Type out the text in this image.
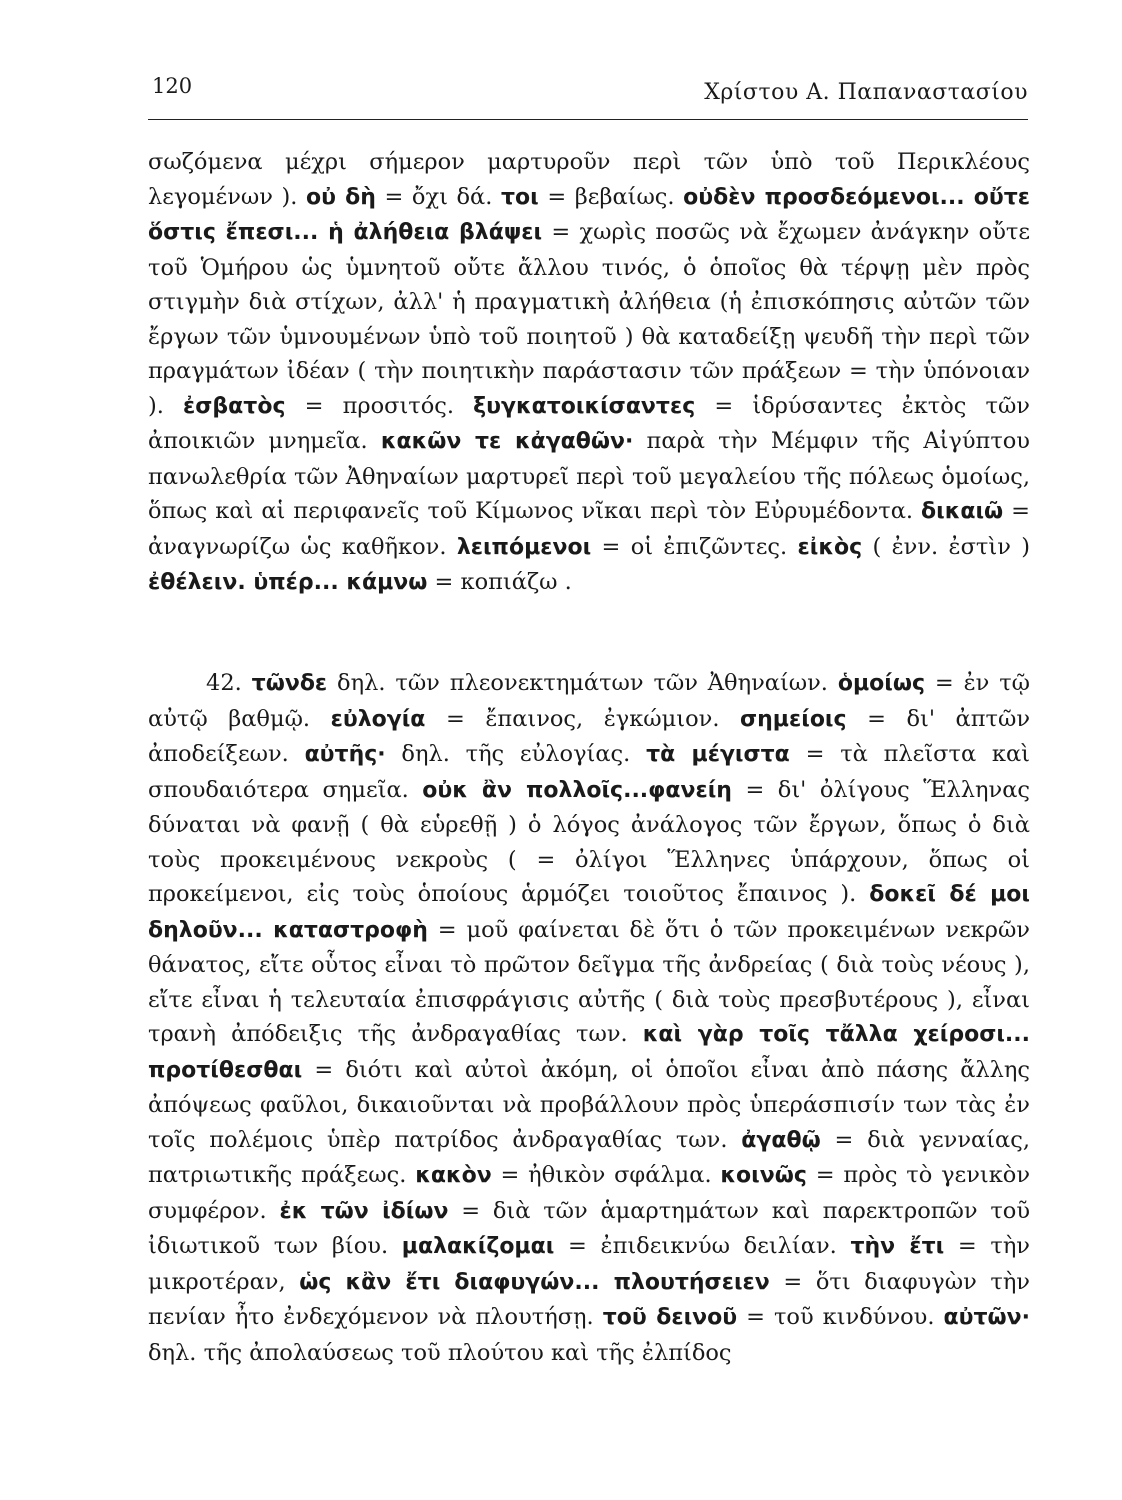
120	Χρίστου Α. Παπαναστασίου
σωζόμενα μέχρι σήμερον μαρτυροῦν περὶ τῶν ὑπὸ τοῦ Περικλέους λεγομένων ). οὐ δὴ = ὄχι δά. τοι = βεβαίως. οὐδὲν προσδεόμενοι... οὔτε ὅστις ἔπεσι... ἡ ἀλήθεια βλάψει = χωρὶς ποσῶς νὰ ἔχωμεν ἀνάγκην οὔτε τοῦ Ὁμήρου ὡς ὑμνητοῦ οὔτε ἄλλου τινός, ὁ ὁποῖος θὰ τέρψῃ μὲν πρὸς στιγμὴν διὰ στίχων, ἀλλ' ἡ πραγματικὴ ἀλήθεια (ἡ ἐπισκόπησις αὐτῶν τῶν ἔργων τῶν ὑμνουμένων ὑπὸ τοῦ ποιητοῦ ) θὰ καταδείξῃ ψευδῆ τὴν περὶ τῶν πραγμάτων ἰδέαν ( τὴν ποιητικὴν παράστασιν τῶν πράξεων = τὴν ὑπόνοιαν ). ἐσβατὸς = προσιτός. ξυγκατοικίσαντες = ἱδρύσαντες ἐκτὸς τῶν ἀποικιῶν μνημεῖα. κακῶν τε κἀγαθῶν· παρὰ τὴν Μέμφιν τῆς Αἰγύπτου πανωλεθρία τῶν Ἀθηναίων μαρτυρεῖ περὶ τοῦ μεγαλείου τῆς πόλεως ὁμοίως, ὅπως καὶ αἱ περιφανεῖς τοῦ Κίμωνος νῖκαι περὶ τὸν Εὐρυμέδοντα. δικαιῶ = ἀναγνωρίζω ὡς καθῆκον. λειπόμενοι = οἱ ἐπιζῶντες. εἰκὸς ( ἐνν. ἐστὶν ) ἐθέλειν. ὑπέρ... κάμνω = κοπιάζω .
42. τῶνδε δηλ. τῶν πλεονεκτημάτων τῶν Ἀθηναίων. ὁμοίως = ἐν τῷ αὐτῷ βαθμῷ. εὐλογία = ἔπαινος, ἐγκώμιον. σημείοις = δι' ἀπτῶν ἀποδείξεων. αὐτῆς· δηλ. τῆς εὐλογίας. τὰ μέγιστα = τὰ πλεῖστα καὶ σπουδαιότερα σημεῖα. οὐκ ἂν πολλοῖς...φανείη = δι' ὀλίγους Ἕλληνας δύναται νὰ φανῇ ( θὰ εὑρεθῇ ) ὁ λόγος ἀνάλογος τῶν ἔργων, ὅπως ὁ διὰ τοὺς προκειμένους νεκροὺς ( = ὀλίγοι Ἕλληνες ὑπάρχουν, ὅπως οἱ προκείμενοι, εἰς τοὺς ὁποίους ἁρμόζει τοιοῦτος ἔπαινος ). δοκεῖ δέ μοι δηλοῦν... καταστροφὴ = μοῦ φαίνεται δὲ ὅτι ὁ τῶν προκειμένων νεκρῶν θάνατος, εἴτε οὗτος εἶναι τὸ πρῶτον δεῖγμα τῆς ἀνδρείας ( διὰ τοὺς νέους ), εἴτε εἶναι ἡ τελευταία ἐπισφράγισις αὐτῆς ( διὰ τοὺς πρεσβυτέρους ), εἶναι τρανὴ ἀπόδειξις τῆς ἀνδραγαθίας των. καὶ γὰρ τοῖς τἄλλα χείροσι... προτίθεσθαι = διότι καὶ αὐτοὶ ἀκόμη, οἱ ὁποῖοι εἶναι ἀπὸ πάσης ἄλλης ἀπόψεως φαῦλοι, δικαιοῦνται νὰ προβάλλουν πρὸς ὑπεράσπισίν των τὰς ἐν τοῖς πολέμοις ὑπὲρ πατρίδος ἀνδραγαθίας των. ἀγαθῷ = διὰ γενναίας, πατριωτικῆς πράξεως. κακὸν = ἠθικὸν σφάλμα. κοινῶς = πρὸς τὸ γενικὸν συμφέρον. ἐκ τῶν ἰδίων = διὰ τῶν ἁμαρτημάτων καὶ παρεκτροπῶν τοῦ ἰδιωτικοῦ των βίου. μαλακίζομαι = ἐπιδεικνύω δειλίαν. τὴν ἔτι = τὴν μικροτέραν, ὡς κἂν ἔτι διαφυγών... πλουτήσειεν = ὅτι διαφυγὼν τὴν πενίαν ἦτο ἐνδεχόμενον νὰ πλουτήσῃ. τοῦ δεινοῦ = τοῦ κινδύνου. αὐτῶν· δηλ. τῆς ἀπολαύσεως τοῦ πλούτου καὶ τῆς ἐλπίδος
